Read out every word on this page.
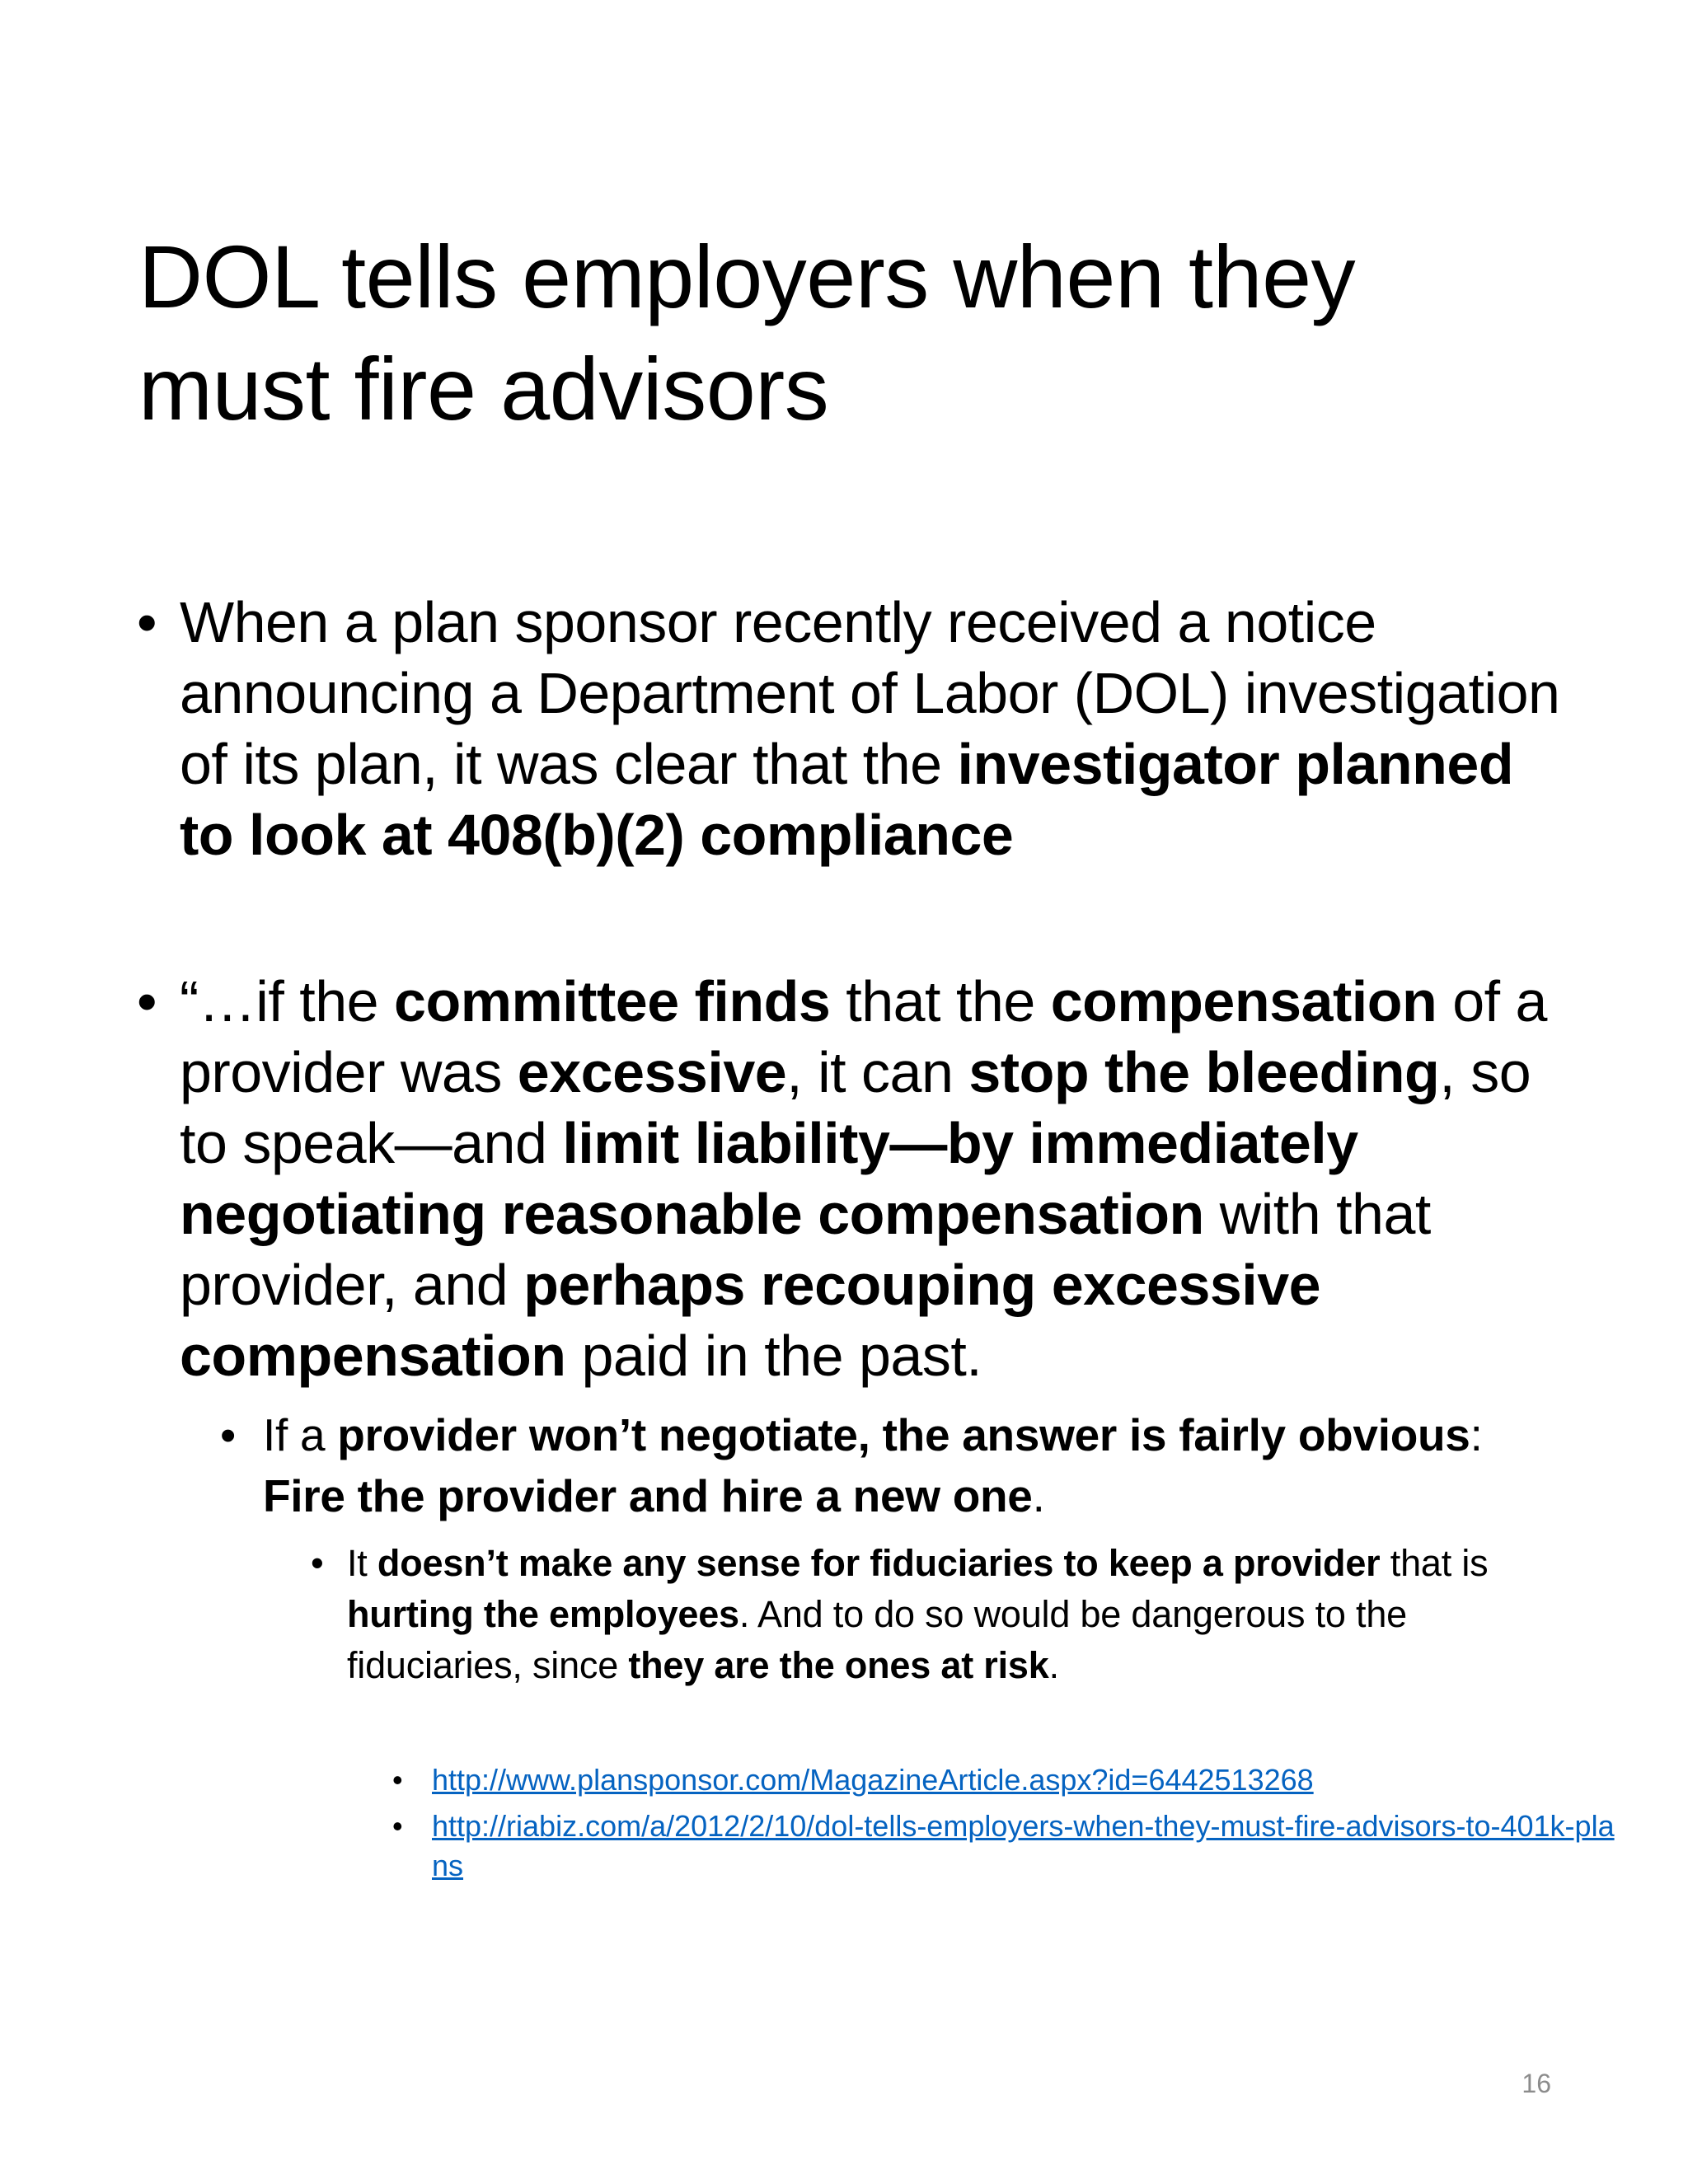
DOL tells employers when they
must fire advisors

• When a plan sponsor recently received a notice announcing a Department of Labor (DOL) investigation of its plan, it was clear that the investigator planned to look at 408(b)(2) compliance

• “…if the committee finds that the compensation of a provider was excessive, it can stop the bleeding, so to speak—and limit liability—by immediately negotiating reasonable compensation with that provider, and perhaps recouping excessive compensation paid in the past.

• If a provider won’t negotiate, the answer is fairly obvious: Fire the provider and hire a new one.

• It doesn’t make any sense for fiduciaries to keep a provider that is hurting the employees. And to do so would be dangerous to the fiduciaries, since they are the ones at risk.

• http://www.plansponsor.com/MagazineArticle.aspx?id=6442513268

• http://riabiz.com/a/2012/2/10/dol-tells-employers-when-they-must-fire-advisors-to-401k-plans

16
